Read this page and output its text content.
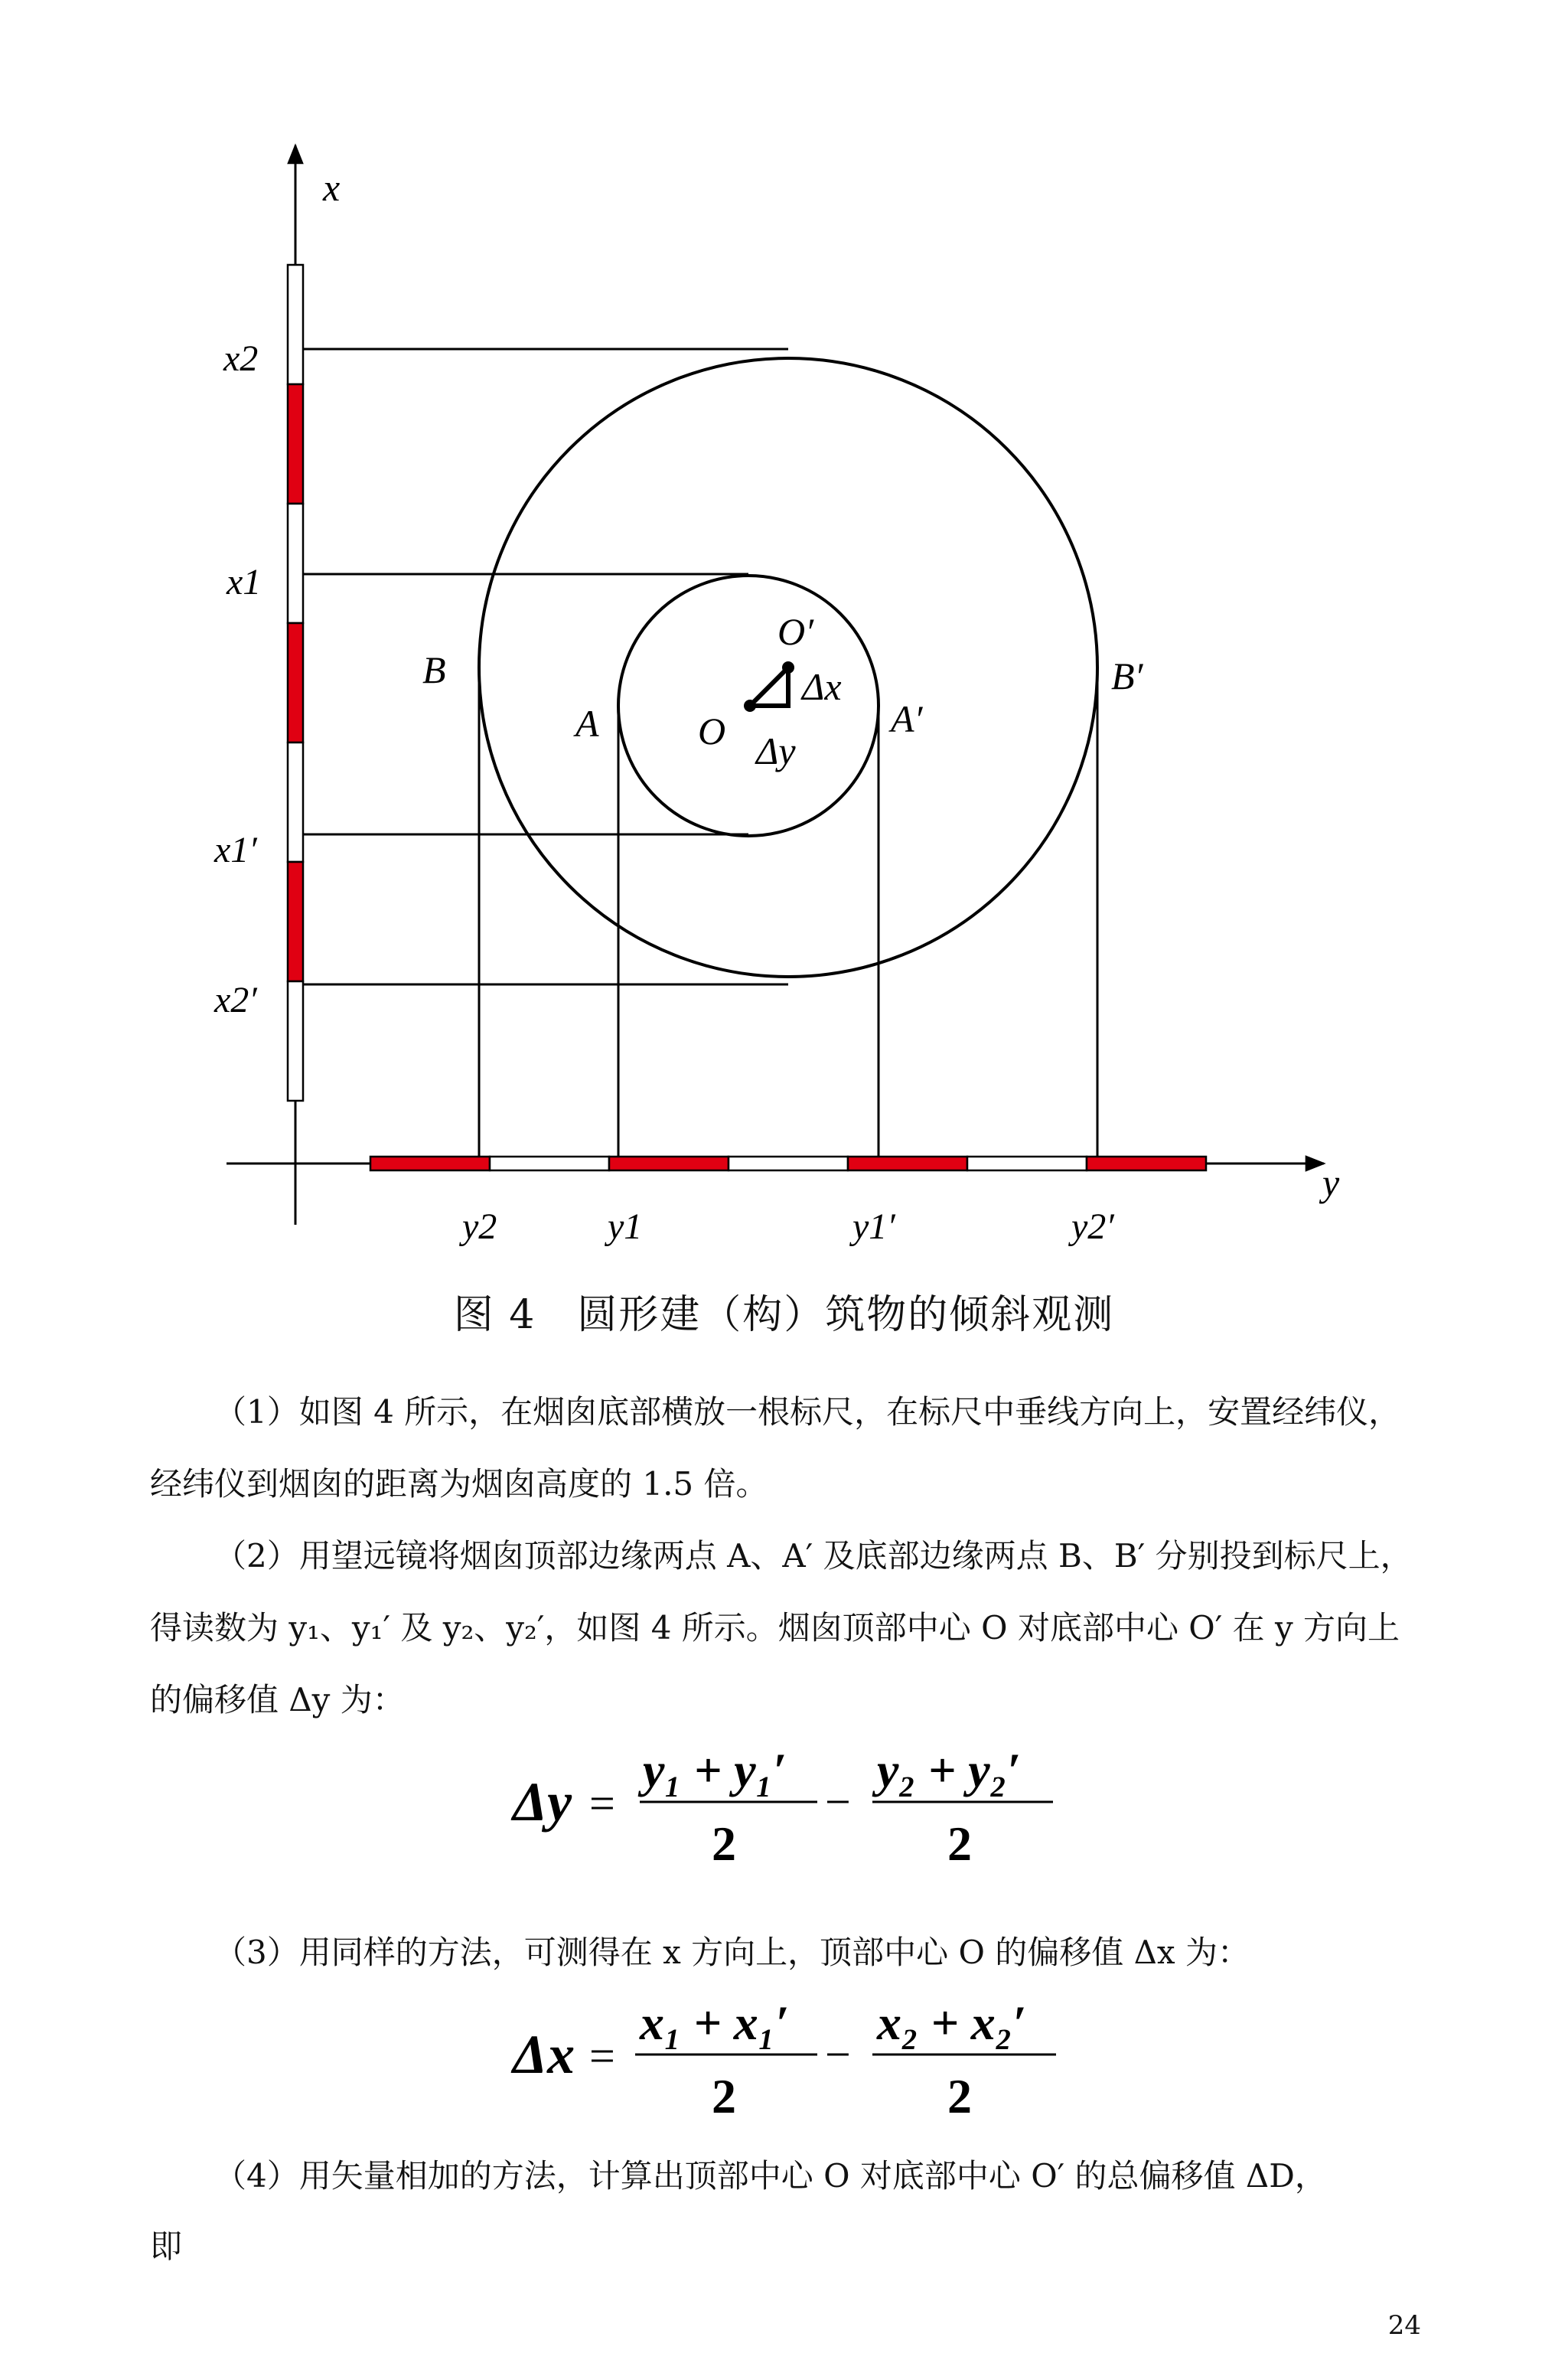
x
y
x2
x1
x1′
x2′
y2	y1	y1′	y2′
B
A	O
O′
A′
B′
Δx
Δy
图 4　圆形建（构）筑物的倾斜观测

（1）如图 4 所示，在烟囱底部横放一根标尺，在标尺中垂线方向上，安置经纬仪，经纬仪到烟囱的距离为烟囱高度的 1.5 倍。

（2）用望远镜将烟囱顶部边缘两点 A、A′ 及底部边缘两点 B、B′ 分别投到标尺上，得读数为 y₁、y₁′ 及 y₂、y₂′，如图 4 所示。烟囱顶部中心 O 对底部中心 O′ 在 y 方向上的偏移值 Δy 为：

Δy =
y₁ + y₁′
2
−
y₂ + y₂′
2

（3）用同样的方法，可测得在 x 方向上，顶部中心 O 的偏移值 Δx 为：

Δx =
x₁ + x₁′
2
−
x₂ + x₂′
2

（4）用矢量相加的方法，计算出顶部中心 O 对底部中心 O′ 的总偏移值 ΔD，

即

24
